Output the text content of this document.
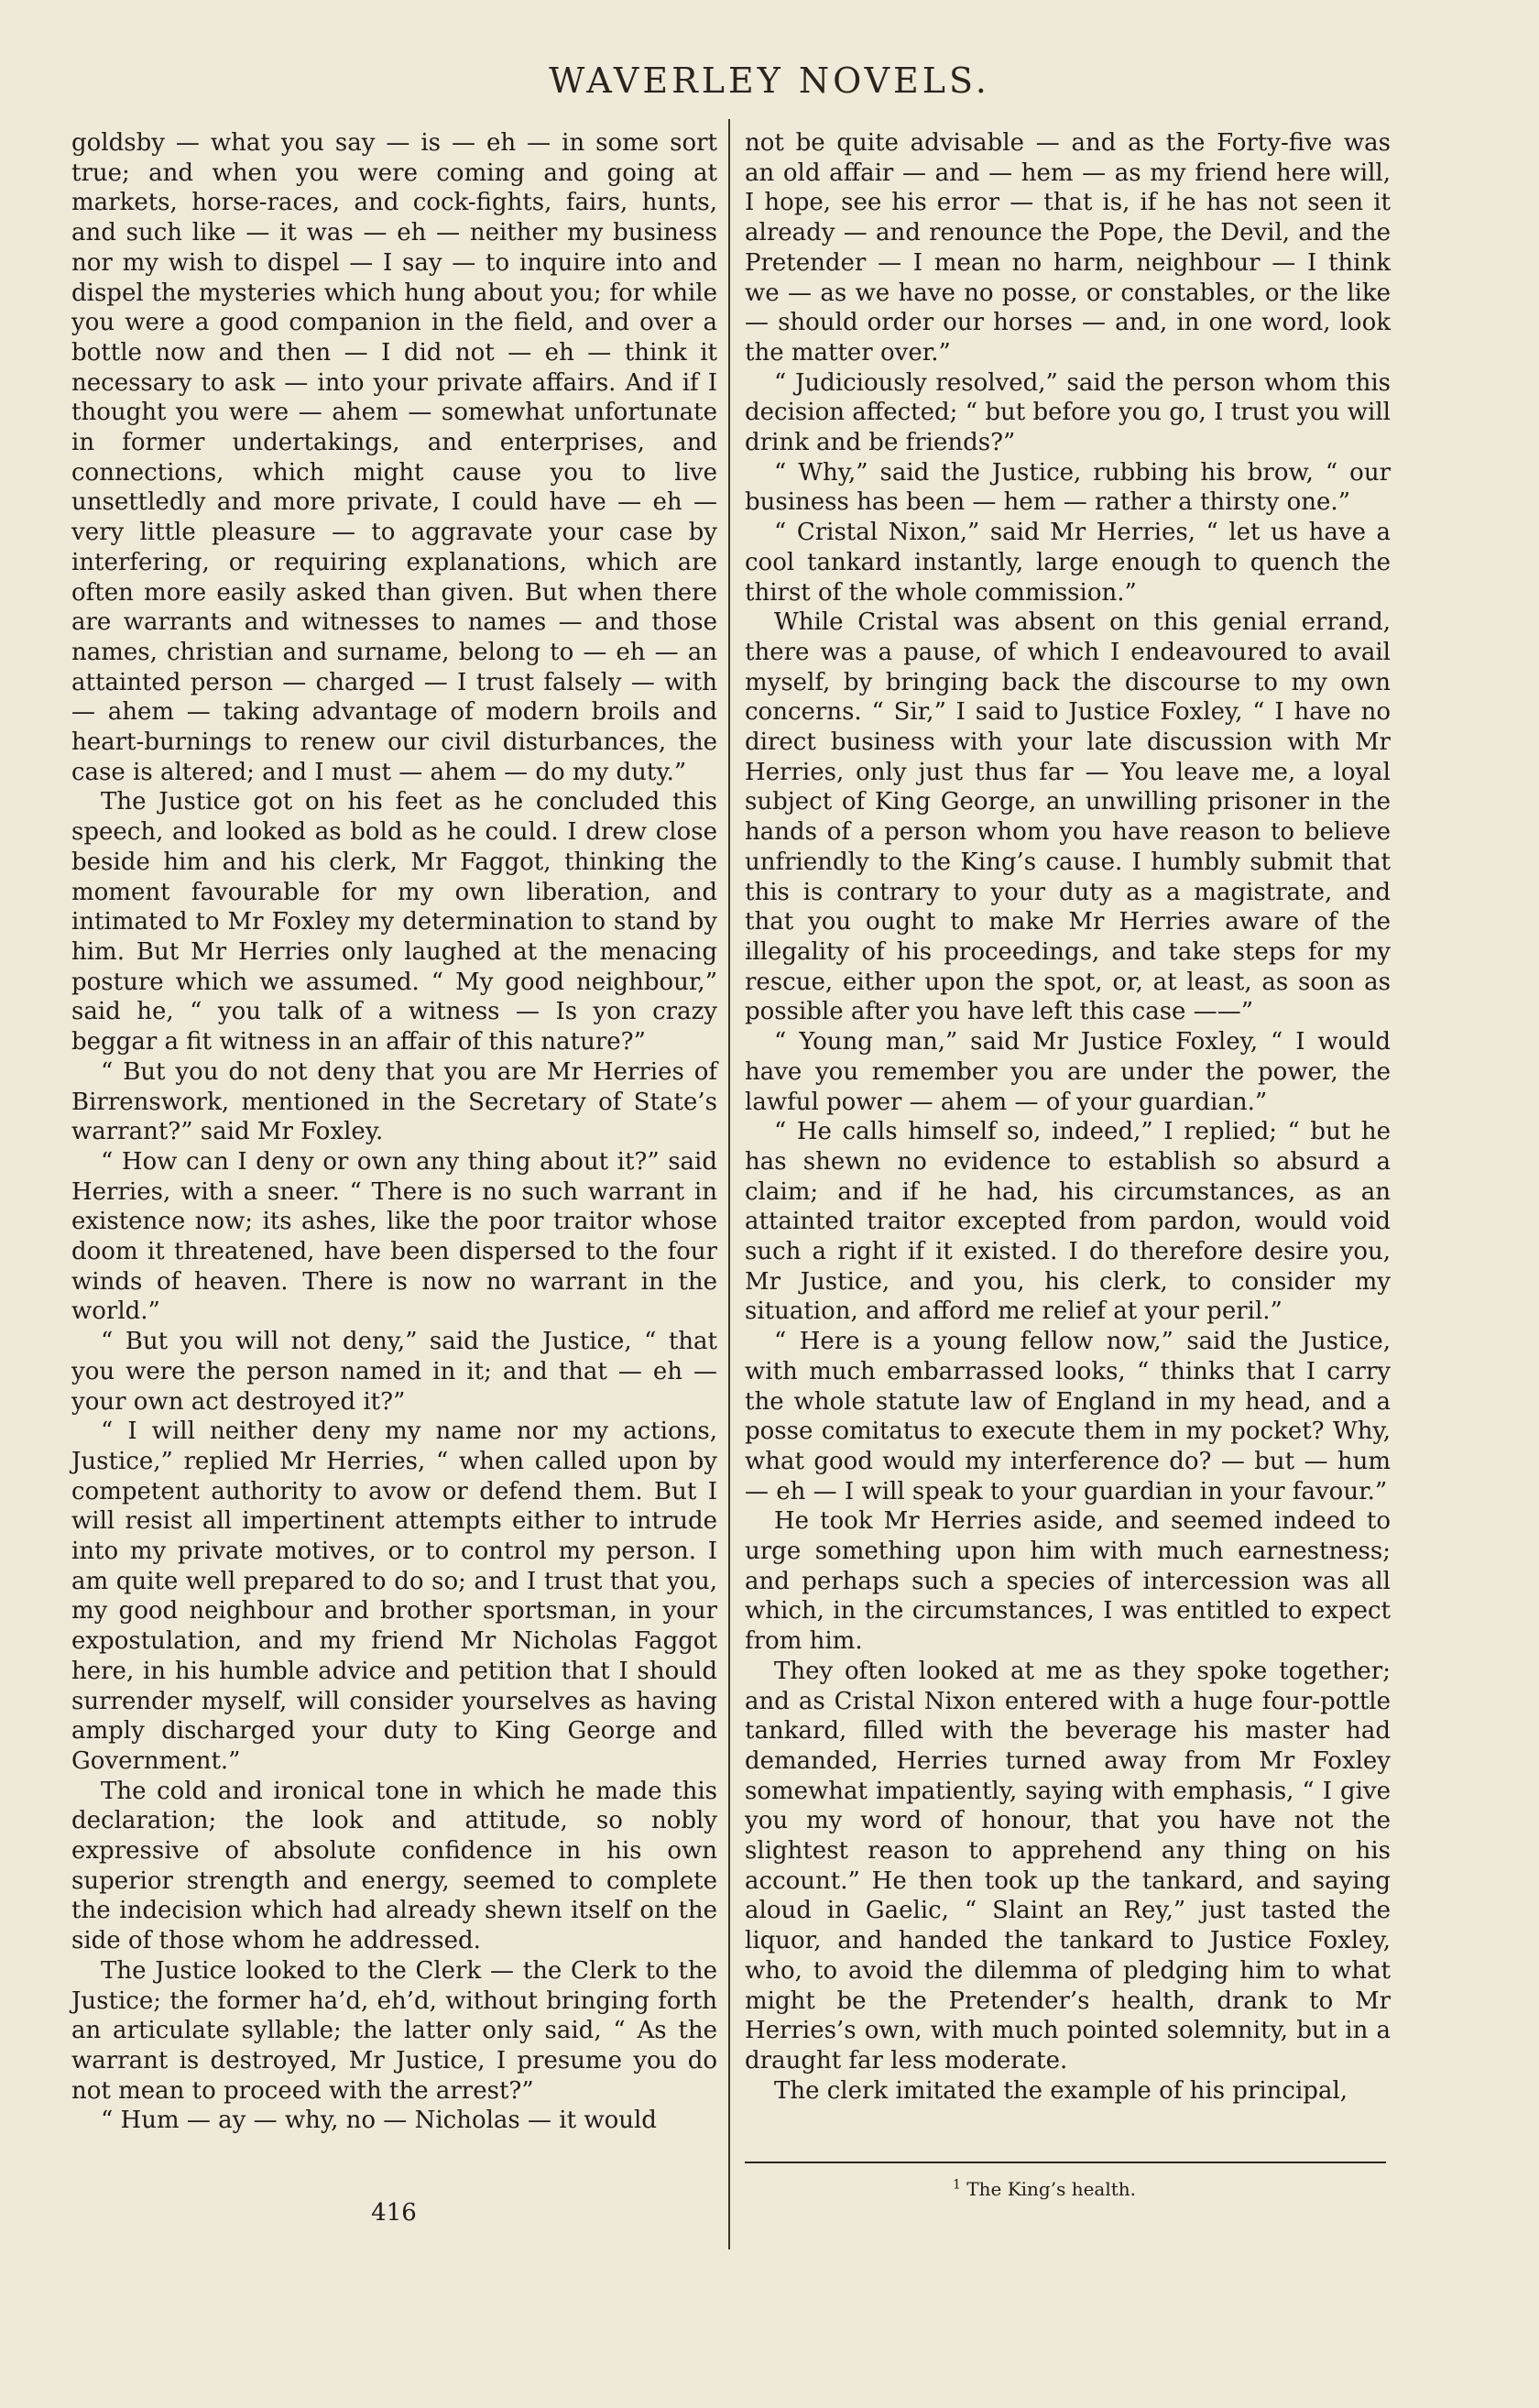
WAVERLEY NOVELS.

goldsby — what you say — is — eh — in some sort true; and when you were coming and going at markets, horse-races, and cock-fights, fairs, hunts, and such like — it was — eh — neither my business nor my wish to dispel — I say — to inquire into and dispel the mysteries which hung about you; for while you were a good companion in the field, and over a bottle now and then — I did not — eh — think it necessary to ask — into your private affairs. And if I thought you were — ahem — somewhat unfortunate in former undertakings, and enterprises, and connections, which might cause you to live unsettledly and more private, I could have — eh — very little pleasure — to aggravate your case by interfering, or requiring explanations, which are often more easily asked than given. But when there are warrants and witnesses to names — and those names, christian and surname, belong to — eh — an attainted person — charged — I trust falsely — with — ahem — taking advantage of modern broils and heart-burnings to renew our civil disturbances, the case is altered; and I must — ahem — do my duty.”

The Justice got on his feet as he concluded this speech, and looked as bold as he could. I drew close beside him and his clerk, Mr Faggot, thinking the moment favourable for my own liberation, and intimated to Mr Foxley my determination to stand by him. But Mr Herries only laughed at the menacing posture which we assumed. “ My good neighbour,” said he, “ you talk of a witness — Is yon crazy beggar a fit witness in an affair of this nature?”

“ But you do not deny that you are Mr Herries of Birrenswork, mentioned in the Secretary of State’s warrant?” said Mr Foxley.

“ How can I deny or own any thing about it?” said Herries, with a sneer. “ There is no such warrant in existence now; its ashes, like the poor traitor whose doom it threatened, have been dispersed to the four winds of heaven. There is now no warrant in the world.”

“ But you will not deny,” said the Justice, “ that you were the person named in it; and that — eh — your own act destroyed it?”

“ I will neither deny my name nor my actions, Justice,” replied Mr Herries, “ when called upon by competent authority to avow or defend them. But I will resist all impertinent attempts either to intrude into my private motives, or to control my person. I am quite well prepared to do so; and I trust that you, my good neighbour and brother sportsman, in your expostulation, and my friend Mr Nicholas Faggot here, in his humble advice and petition that I should surrender myself, will consider yourselves as having amply discharged your duty to King George and Government.”

The cold and ironical tone in which he made this declaration; the look and attitude, so nobly expressive of absolute confidence in his own superior strength and energy, seemed to complete the indecision which had already shewn itself on the side of those whom he addressed.

The Justice looked to the Clerk — the Clerk to the Justice; the former ha’d, eh’d, without bringing forth an articulate syllable; the latter only said, “ As the warrant is destroyed, Mr Justice, I presume you do not mean to proceed with the arrest?”

“ Hum — ay — why, no — Nicholas — it would

not be quite advisable — and as the Forty-five was an old affair — and — hem — as my friend here will, I hope, see his error — that is, if he has not seen it already — and renounce the Pope, the Devil, and the Pretender — I mean no harm, neighbour — I think we — as we have no posse, or constables, or the like — should order our horses — and, in one word, look the matter over.”

“ Judiciously resolved,” said the person whom this decision affected; “ but before you go, I trust you will drink and be friends?”

“ Why,” said the Justice, rubbing his brow, “ our business has been — hem — rather a thirsty one.”

“ Cristal Nixon,” said Mr Herries, “ let us have a cool tankard instantly, large enough to quench the thirst of the whole commission.”

While Cristal was absent on this genial errand, there was a pause, of which I endeavoured to avail myself, by bringing back the discourse to my own concerns. “ Sir,” I said to Justice Foxley, “ I have no direct business with your late discussion with Mr Herries, only just thus far — You leave me, a loyal subject of King George, an unwilling prisoner in the hands of a person whom you have reason to believe unfriendly to the King’s cause. I humbly submit that this is contrary to your duty as a magistrate, and that you ought to make Mr Herries aware of the illegality of his proceedings, and take steps for my rescue, either upon the spot, or, at least, as soon as possible after you have left this case ——”

“ Young man,” said Mr Justice Foxley, “ I would have you remember you are under the power, the lawful power — ahem — of your guardian.”

“ He calls himself so, indeed,” I replied; “ but he has shewn no evidence to establish so absurd a claim; and if he had, his circumstances, as an attainted traitor excepted from pardon, would void such a right if it existed. I do therefore desire you, Mr Justice, and you, his clerk, to consider my situation, and afford me relief at your peril.”

“ Here is a young fellow now,” said the Justice, with much embarrassed looks, “ thinks that I carry the whole statute law of England in my head, and a posse comitatus to execute them in my pocket? Why, what good would my interference do? — but — hum — eh — I will speak to your guardian in your favour.”

He took Mr Herries aside, and seemed indeed to urge something upon him with much earnestness; and perhaps such a species of intercession was all which, in the circumstances, I was entitled to expect from him.

They often looked at me as they spoke together; and as Cristal Nixon entered with a huge four-pottle tankard, filled with the beverage his master had demanded, Herries turned away from Mr Foxley somewhat impatiently, saying with emphasis, “ I give you my word of honour, that you have not the slightest reason to apprehend any thing on his account.” He then took up the tankard, and saying aloud in Gaelic, “ Slaint an Rey,” just tasted the liquor, and handed the tankard to Justice Foxley, who, to avoid the dilemma of pledging him to what might be the Pretender’s health, drank to Mr Herries’s own, with much pointed solemnity, but in a draught far less moderate.

The clerk imitated the example of his principal,

416
$^1$ The King’s health.
